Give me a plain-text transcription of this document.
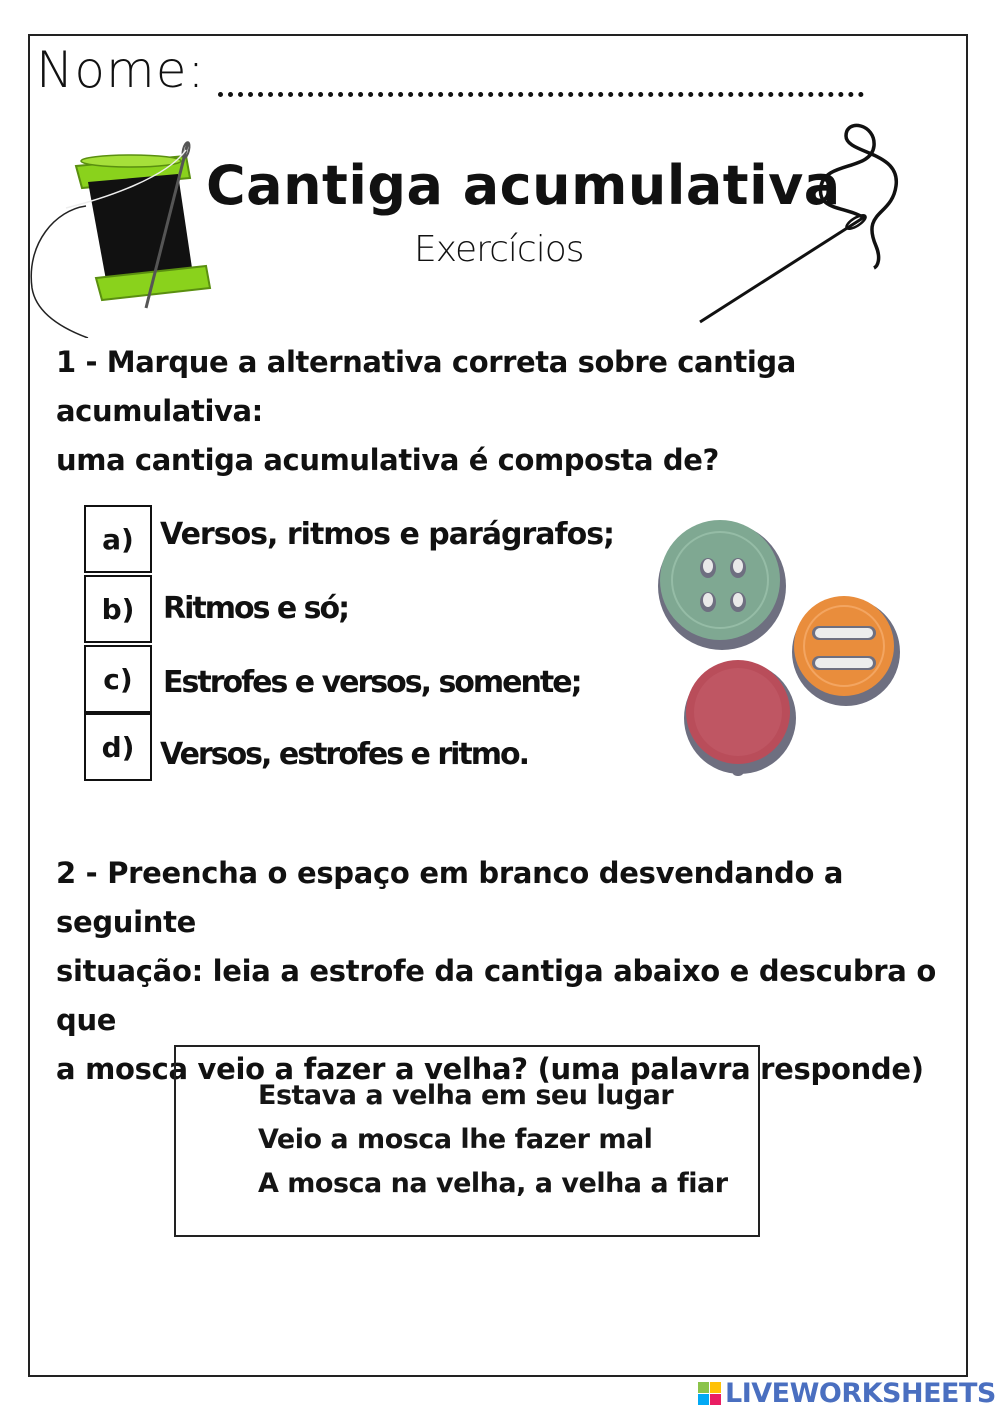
Nome:
Cantiga acumulativa
Exercícios
1 - Marque a alternativa correta sobre cantiga acumulativa:
uma cantiga acumulativa é composta de?
a) Versos, ritmos e parágrafos;
b) Ritmos e só;
c)	Estrofes e versos, somente;
d) Versos, estrofes e ritmo.
2 - Preencha o espaço em branco desvendando a seguinte
situação: leia a estrofe da cantiga abaixo e descubra o que
a mosca veio a fazer a velha? (uma palavra responde)
Estava a velha em seu lugar
Veio a mosca lhe fazer mal
A mosca na velha, a velha a fiar
LIVEWORKSHEETS
